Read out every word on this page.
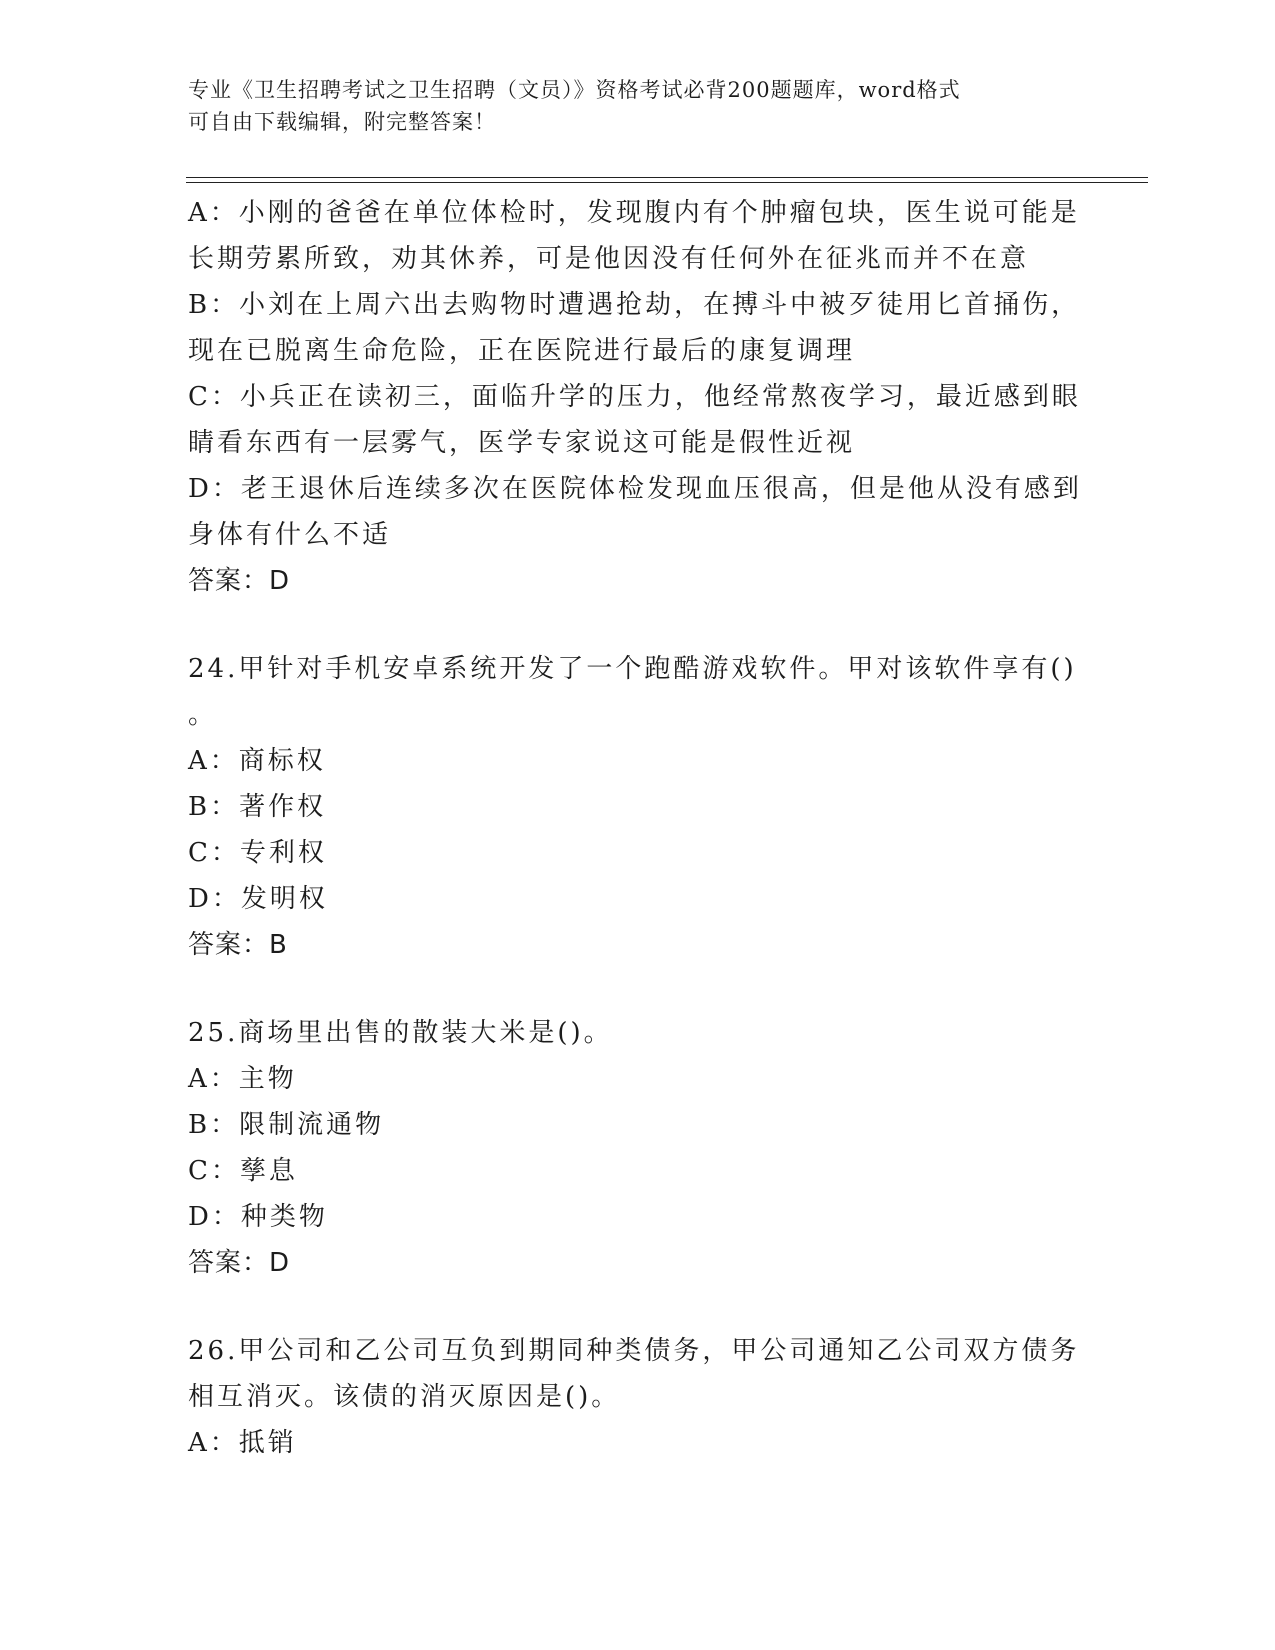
专业《卫生招聘考试之卫生招聘（文员）》资格考试必背200题题库，word格式
可自由下载编辑，附完整答案！
A：小刚的爸爸在单位体检时，发现腹内有个肿瘤包块，医生说可能是
长期劳累所致，劝其休养，可是他因没有任何外在征兆而并不在意
B：小刘在上周六出去购物时遭遇抢劫，在搏斗中被歹徒用匕首捅伤，
现在已脱离生命危险，正在医院进行最后的康复调理
C：小兵正在读初三，面临升学的压力，他经常熬夜学习，最近感到眼
睛看东西有一层雾气，医学专家说这可能是假性近视
D：老王退休后连续多次在医院体检发现血压很高，但是他从没有感到
身体有什么不适
答案：D
24.甲针对手机安卓系统开发了一个跑酷游戏软件。甲对该软件享有()
。
A：商标权
B：著作权
C：专利权
D：发明权
答案：B
25.商场里出售的散装大米是()。
A：主物
B：限制流通物
C：孳息
D：种类物
答案：D
26.甲公司和乙公司互负到期同种类债务，甲公司通知乙公司双方债务
相互消灭。该债的消灭原因是()。
A：抵销
